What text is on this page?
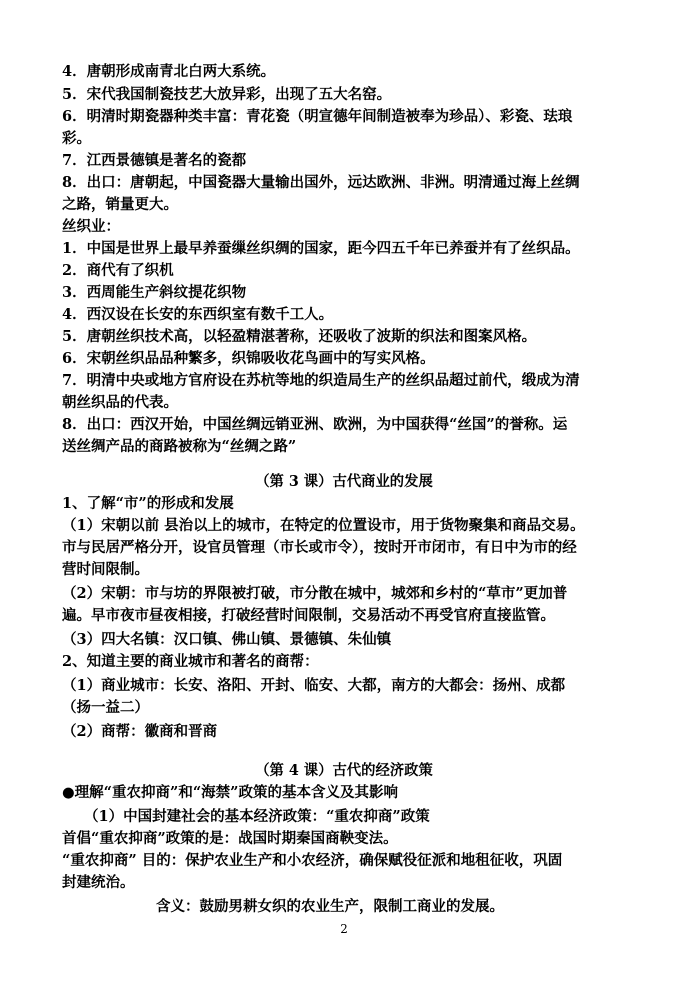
4．唐朝形成南青北白两大系统。
5．宋代我国制瓷技艺大放异彩，出现了五大名窑。
6．明清时期瓷器种类丰富：青花瓷（明宣德年间制造被奉为珍品）、彩瓷、珐琅
彩。
7．江西景德镇是著名的瓷都
8．出口：唐朝起，中国瓷器大量输出国外，远达欧洲、非洲。明清通过海上丝绸
之路，销量更大。
丝织业：
1．中国是世界上最早养蚕缫丝织绸的国家，距今四五千年已养蚕并有了丝织品。
2．商代有了织机
3．西周能生产斜纹提花织物
4．西汉设在长安的东西织室有数千工人。
5．唐朝丝织技术高，以轻盈精湛著称，还吸收了波斯的织法和图案风格。
6．宋朝丝织品品种繁多，织锦吸收花鸟画中的写实风格。
7．明清中央或地方官府设在苏杭等地的织造局生产的丝织品超过前代，缎成为清
朝丝织品的代表。
8．出口：西汉开始，中国丝绸远销亚洲、欧洲，为中国获得“丝国”的誉称。运
送丝绸产品的商路被称为“丝绸之路”
（第 3 课）古代商业的发展
1、了解“市”的形成和发展
（1）宋朝以前 县治以上的城市，在特定的位置设市，用于货物聚集和商品交易。
市与民居严格分开，设官员管理（市长或市令），按时开市闭市，有日中为市的经
营时间限制。
（2）宋朝：市与坊的界限被打破，市分散在城中，城郊和乡村的“草市”更加普
遍。早市夜市昼夜相接，打破经营时间限制，交易活动不再受官府直接监管。
（3）四大名镇：汉口镇、佛山镇、景德镇、朱仙镇
2、知道主要的商业城市和著名的商帮：
（1）商业城市：长安、洛阳、开封、临安、大都，南方的大都会：扬州、成都
（扬一益二）
（2）商帮：徽商和晋商
（第 4 课）古代的经济政策
●理解“重农抑商”和“海禁”政策的基本含义及其影响
（1）中国封建社会的基本经济政策：“重农抑商”政策
首倡“重农抑商”政策的是：战国时期秦国商鞅变法。
“重农抑商” 目的：保护农业生产和小农经济，确保赋役征派和地租征收，巩固
封建统治。
含义：鼓励男耕女织的农业生产，限制工商业的发展。
2
